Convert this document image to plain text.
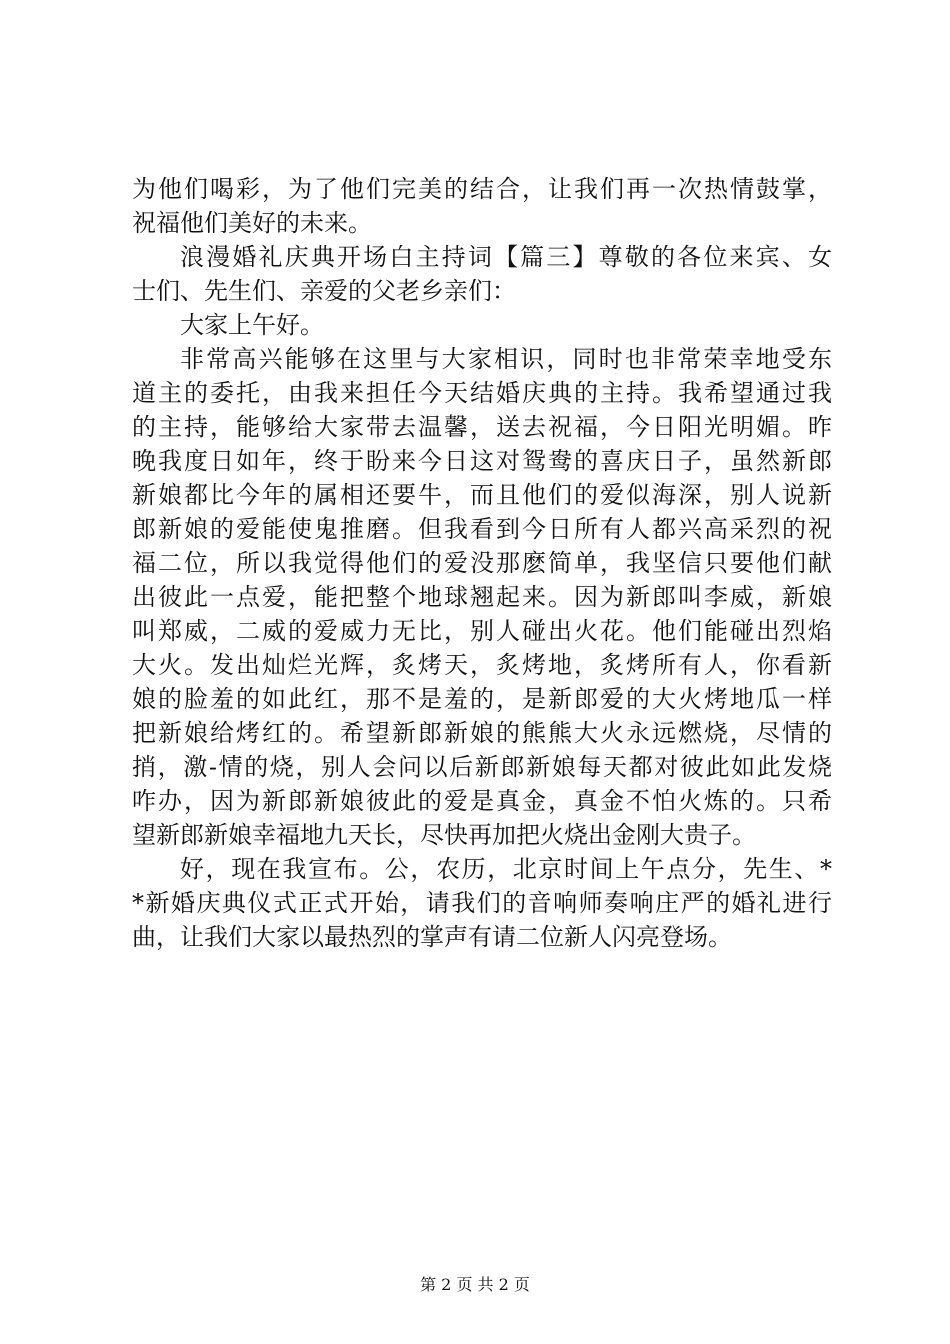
为他们喝彩，为了他们完美的结合，让我们再一次热情鼓掌，
祝福他们美好的未来。
浪漫婚礼庆典开场白主持词【篇三】尊敬的各位来宾、女
士们、先生们、亲爱的父老乡亲们：
大家上午好。
非常高兴能够在这里与大家相识，同时也非常荣幸地受东
道主的委托，由我来担任今天结婚庆典的主持。我希望通过我
的主持，能够给大家带去温馨，送去祝福，今日阳光明媚。昨
晚我度日如年，终于盼来今日这对鸳鸯的喜庆日子，虽然新郎
新娘都比今年的属相还要牛，而且他们的爱似海深，别人说新
郎新娘的爱能使鬼推磨。但我看到今日所有人都兴高采烈的祝
福二位，所以我觉得他们的爱没那麽简单，我坚信只要他们献
出彼此一点爱，能把整个地球翘起来。因为新郎叫李威，新娘
叫郑威，二威的爱威力无比，别人碰出火花。他们能碰出烈焰
大火。发出灿烂光辉，炙烤天，炙烤地，炙烤所有人，你看新
娘的脸羞的如此红，那不是羞的，是新郎爱的大火烤地瓜一样
把新娘给烤红的。希望新郎新娘的熊熊大火永远燃烧，尽情的
捎，激-情的烧，别人会问以后新郎新娘每天都对彼此如此发烧
咋办，因为新郎新娘彼此的爱是真金，真金不怕火炼的。只希
望新郎新娘幸福地九天长，尽快再加把火烧出金刚大贵子。
好，现在我宣布。公，农历，北京时间上午点分，先生、*
*新婚庆典仪式正式开始，请我们的音响师奏响庄严的婚礼进行
曲，让我们大家以最热烈的掌声有请二位新人闪亮登场。
第 2 页 共 2 页
